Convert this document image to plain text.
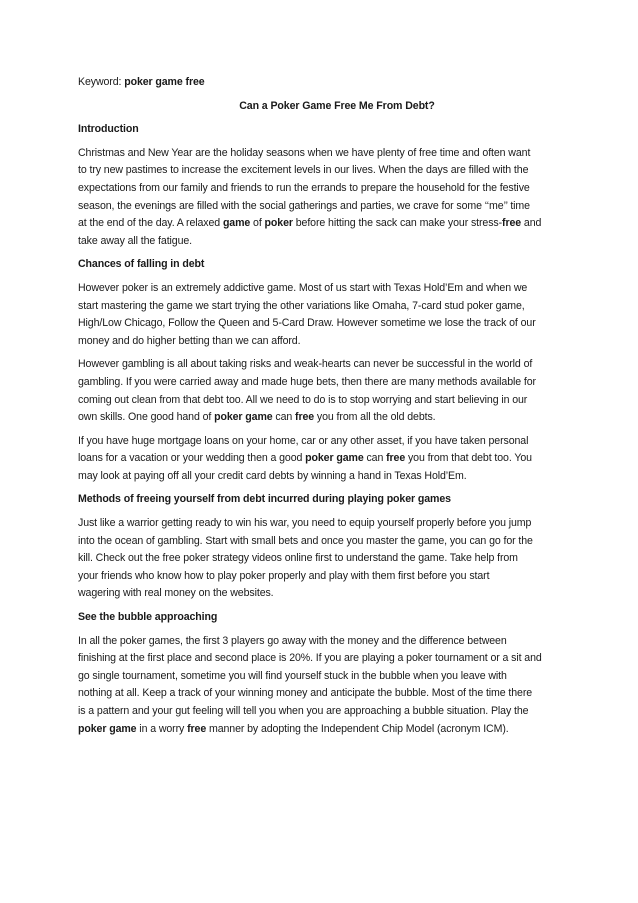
Keyword: poker game free

Can a Poker Game Free Me From Debt?

Introduction

Christmas and New Year are the holiday seasons when we have plenty of free time and often want

to try new pastimes to increase the excitement levels in our lives. When the days are filled with the

expectations from our family and friends to run the errands to prepare the household for the festive

season, the evenings are filled with the social gatherings and parties, we crave for some ‘‘me’’ time

at the end of the day. A relaxed game of poker before hitting the sack can make your stress-free and

take away all the fatigue.

Chances of falling in debt

However poker is an extremely addictive game. Most of us start with Texas Hold’Em and when we

start mastering the game we start trying the other variations like Omaha, 7-card stud poker game,

High/Low Chicago, Follow the Queen and 5-Card Draw. However sometime we lose the track of our

money and do higher betting than we can afford.

However gambling is all about taking risks and weak-hearts can never be successful in the world of

gambling. If you were carried away and made huge bets, then there are many methods available for

coming out clean from that debt too. All we need to do is to stop worrying and start believing in our

own skills. One good hand of poker game can free you from all the old debts.

If you have huge mortgage loans on your home, car or any other asset, if you have taken personal

loans for a vacation or your wedding then a good poker game can free you from that debt too. You

may look at paying off all your credit card debts by winning a hand in Texas Hold’Em.

Methods of freeing yourself from debt incurred during playing poker games

Just like a warrior getting ready to win his war, you need to equip yourself properly before you jump

into the ocean of gambling. Start with small bets and once you master the game, you can go for the

kill. Check out the free poker strategy videos online first to understand the game. Take help from

your friends who know how to play poker properly and play with them first before you start

wagering with real money on the websites.

See the bubble approaching

In all the poker games, the first 3 players go away with the money and the difference between

finishing at the first place and second place is 20%. If you are playing a poker tournament or a sit and

go single tournament, sometime you will find yourself stuck in the bubble when you leave with

nothing at all. Keep a track of your winning money and anticipate the bubble. Most of the time there

is a pattern and your gut feeling will tell you when you are approaching a bubble situation. Play the

poker game in a worry free manner by adopting the Independent Chip Model (acronym ICM).
